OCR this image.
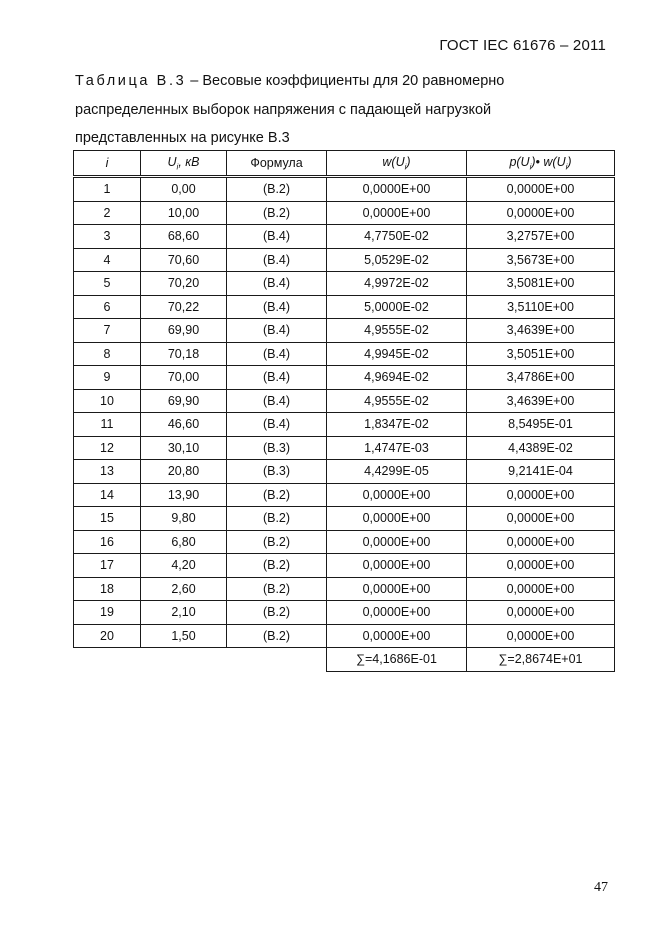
ГОСТ IEC 61676 – 2011
Таблица В.3 – Весовые коэффициенты для 20 равномерно
распределенных выборок напряжения с падающей нагрузкой
представленных на рисунке В.3
i	$U_i$, кВ	Формула	$w(U_i)$	$p(U_i)•$ $w(U_i)$
1	0,00	(В.2)	0,0000E+00	0,0000E+00
2	10,00	(В.2)	0,0000E+00	0,0000E+00
3	68,60	(В.4)	4,7750E-02	3,2757E+00
4	70,60	(В.4)	5,0529E-02	3,5673E+00
5	70,20	(В.4)	4,9972E-02	3,5081E+00
6	70,22	(В.4)	5,0000E-02	3,5110E+00
7	69,90	(В.4)	4,9555E-02	3,4639E+00
8	70,18	(В.4)	4,9945E-02	3,5051E+00
9	70,00	(В.4)	4,9694E-02	3,4786E+00
10	69,90	(В.4)	4,9555E-02	3,4639E+00
11	46,60	(В.4)	1,8347E-02	8,5495E-01
12	30,10	(В.3)	1,4747E-03	4,4389E-02
13	20,80	(В.3)	4,4299E-05	9,2141E-04
14	13,90	(В.2)	0,0000E+00	0,0000E+00
15	9,80	(В.2)	0,0000E+00	0,0000E+00
16	6,80	(В.2)	0,0000E+00	0,0000E+00
17	4,20	(В.2)	0,0000E+00	0,0000E+00
18	2,60	(В.2)	0,0000E+00	0,0000E+00
19	2,10	(В.2)	0,0000E+00	0,0000E+00
20	1,50	(В.2)	0,0000E+00	0,0000E+00
			∑=4,1686E-01	∑=2,8674E+01
47
